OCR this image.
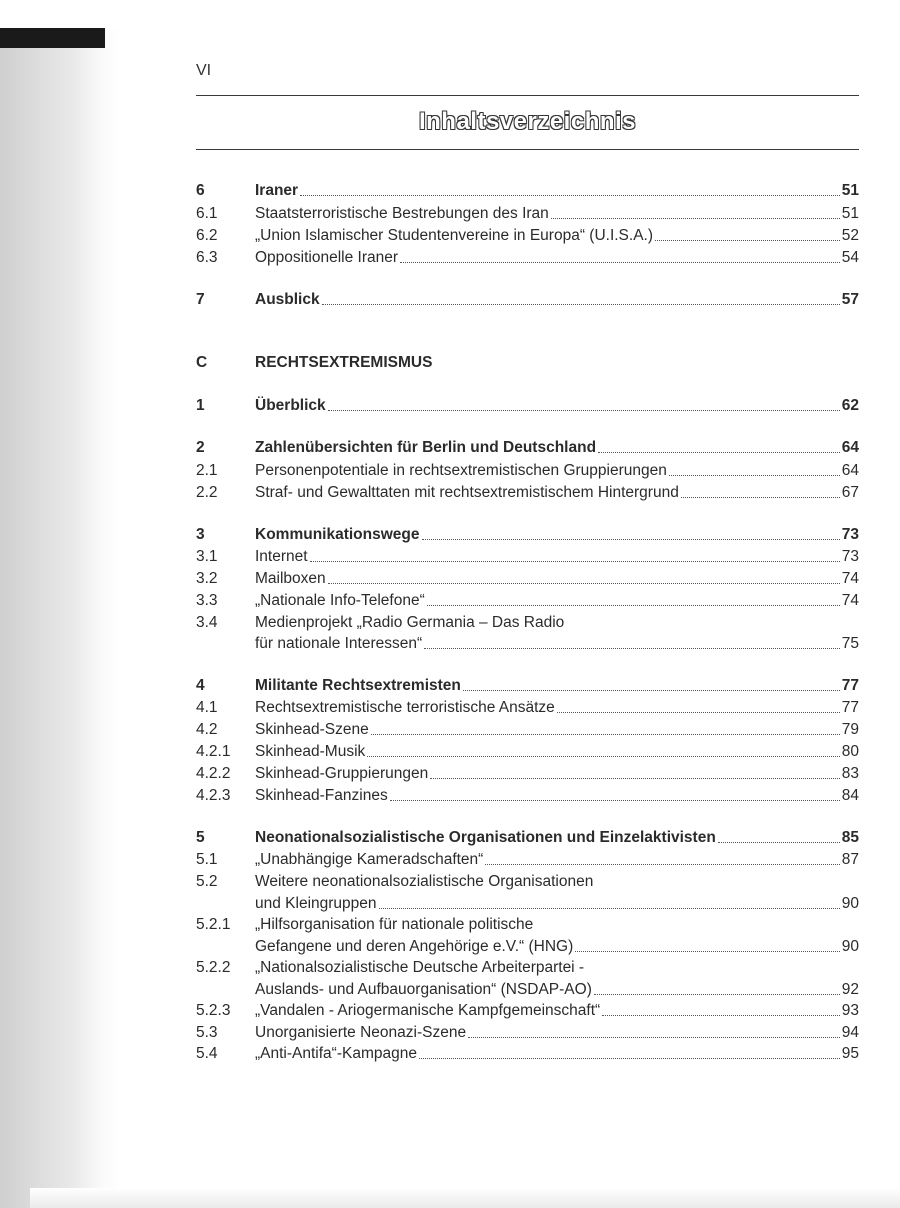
VI
Inhaltsverzeichnis
6	Iraner	51
6.1 Staatsterroristische Bestrebungen des Iran	51
6.2 „Union Islamischer Studentenvereine in Europa“ (U.I.S.A.)	52
6.3 Oppositionelle Iraner	54
7	Ausblick	57
C	RECHTSEXTREMISMUS
1	Überblick	62
2	Zahlenübersichten für Berlin und Deutschland	64
2.1 Personenpotentiale in rechtsextremistischen Gruppierungen	64
2.2 Straf- und Gewalttaten mit rechtsextremistischem Hintergrund	67
3	Kommunikationswege	73
3.1 Internet	73
3.2 Mailboxen	74
3.3 „Nationale Info-Telefone“	74
3.4 Medienprojekt „Radio Germania – Das Radio
für nationale Interessen“	75
4	Militante Rechtsextremisten	77
4.1 Rechtsextremistische terroristische Ansätze	77
4.2 Skinhead-Szene	79
4.2.1 Skinhead-Musik	80
4.2.2 Skinhead-Gruppierungen	83
4.2.3 Skinhead-Fanzines	84
5	Neonationalsozialistische Organisationen und Einzelaktivisten	85
5.1 „Unabhängige Kameradschaften“	87
5.2 Weitere neonationalsozialistische Organisationen
und Kleingruppen	90
5.2.1 „Hilfsorganisation für nationale politische
Gefangene und deren Angehörige e.V.“ (HNG)	90
5.2.2 „Nationalsozialistische Deutsche Arbeiterpartei -
Auslands- und Aufbauorganisation“ (NSDAP-AO)	92
5.2.3 „Vandalen - Ariogermanische Kampfgemeinschaft“	93
5.3 Unorganisierte Neonazi-Szene	94
5.4 „Anti-Antifa“-Kampagne	95
